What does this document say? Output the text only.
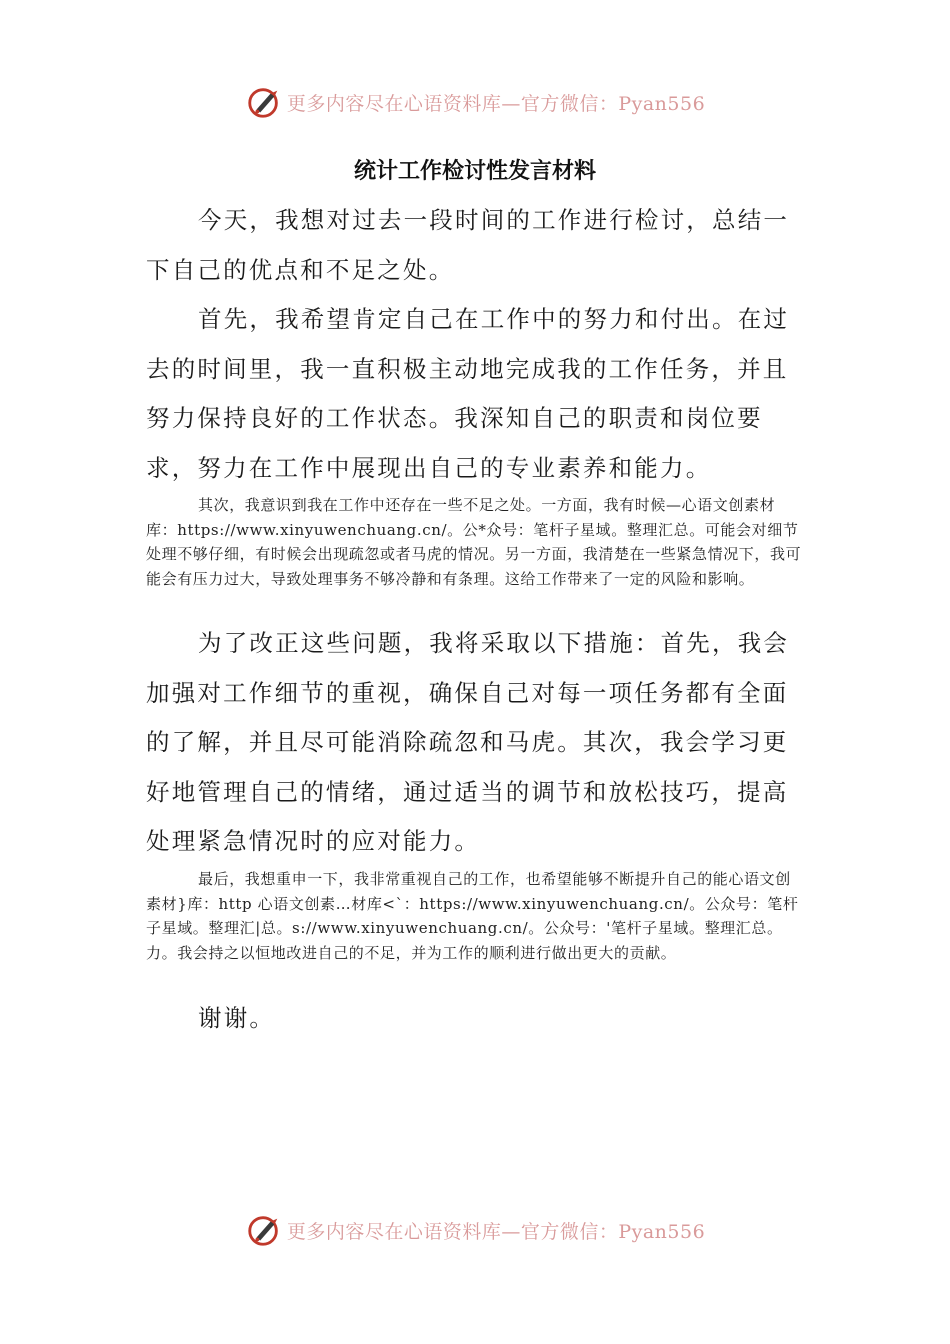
更多内容尽在心语资料库—官方微信：Pyan556
统计工作检讨性发言材料

今天，我想对过去一段时间的工作进行检讨，总结一下自己的优点和不足之处。

首先，我希望肯定自己在工作中的努力和付出。在过去的时间里，我一直积极主动地完成我的工作任务，并且努力保持良好的工作状态。我深知自己的职责和岗位要求，努力在工作中展现出自己的专业素养和能力。

其次，我意识到我在工作中还存在一些不足之处。一方面，我有时候—心语文创素材库：https://www.xinyuwenchuang.cn/。公*众号：笔杆子星域。整理汇总。可能会对细节处理不够仔细，有时候会出现疏忽或者马虎的情况。另一方面，我清楚在一些紧急情况下，我可能会有压力过大，导致处理事务不够冷静和有条理。这给工作带来了一定的风险和影响。

为了改正这些问题，我将采取以下措施：首先，我会加强对工作细节的重视，确保自己对每一项任务都有全面的了解，并且尽可能消除疏忽和马虎。其次，我会学习更好地管理自己的情绪，通过适当的调节和放松技巧，提高处理紧急情况时的应对能力。

最后，我想重申一下，我非常重视自己的工作，也希望能够不断提升自己的能心语文创素材}库：http 心语文创素…材库<`：https://www.xinyuwenchuang.cn/。公众号：笔杆子星域。整理汇|总。s://www.xinyuwenchuang.cn/。公众号：'笔杆子星域。整理汇总。力。我会持之以恒地改进自己的不足，并为工作的顺利进行做出更大的贡献。

谢谢。

更多内容尽在心语资料库—官方微信：Pyan556
